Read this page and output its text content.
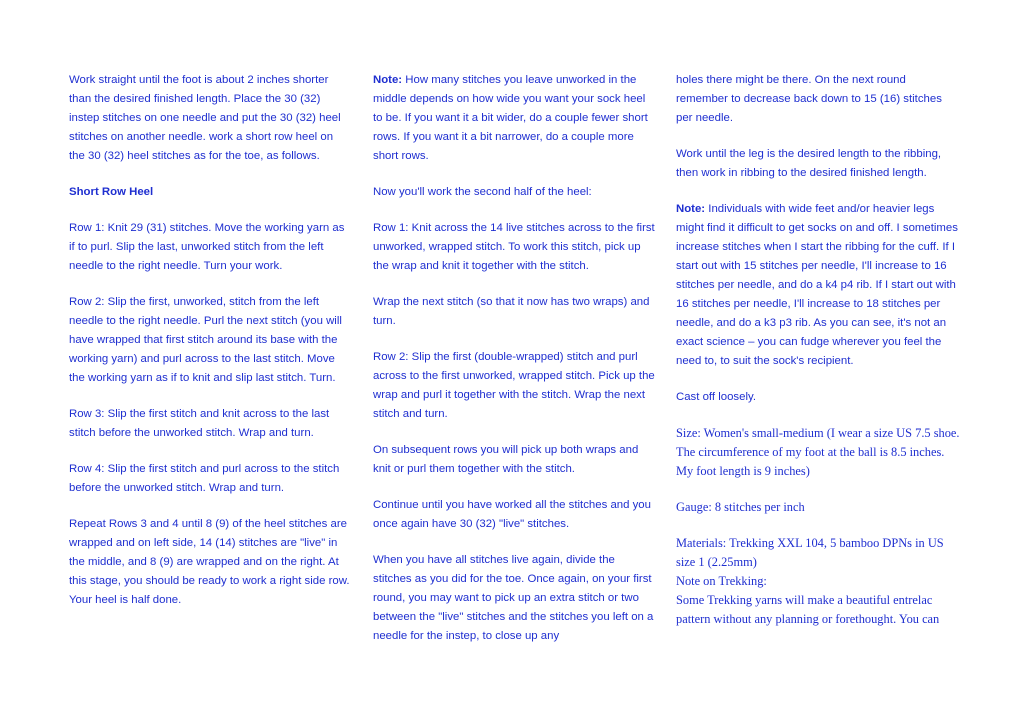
Work straight until the foot is about 2 inches shorter than the desired finished length. Place the 30 (32) instep stitches on one needle and put the 30 (32) heel stitches on another needle. work a short row heel on the 30 (32) heel stitches as for the toe, as follows.

Short Row Heel

Row 1: Knit 29 (31) stitches. Move the working yarn as if to purl. Slip the last, unworked stitch from the left needle to the right needle. Turn your work.

Row 2: Slip the first, unworked, stitch from the left needle to the right needle. Purl the next stitch (you will have wrapped that first stitch around its base with the working yarn) and purl across to the last stitch. Move the working yarn as if to knit and slip last stitch. Turn.

Row 3: Slip the first stitch and knit across to the last stitch before the unworked stitch. Wrap and turn.

Row 4: Slip the first stitch and purl across to the stitch before the unworked stitch. Wrap and turn.

Repeat Rows 3 and 4 until 8 (9) of the heel stitches are wrapped and on left side, 14 (14) stitches are "live" in the middle, and 8 (9) are wrapped and on the right. At this stage, you should be ready to work a right side row. Your heel is half done.

Note: How many stitches you leave unworked in the middle depends on how wide you want your sock heel to be. If you want it a bit wider, do a couple fewer short rows. If you want it a bit narrower, do a couple more short rows.

Now you'll work the second half of the heel:

Row 1: Knit across the 14 live stitches across to the first unworked, wrapped stitch. To work this stitch, pick up the wrap and knit it together with the stitch.

Wrap the next stitch (so that it now has two wraps) and turn.

Row 2: Slip the first (double-wrapped) stitch and purl across to the first unworked, wrapped stitch. Pick up the wrap and purl it together with the stitch. Wrap the next stitch and turn.

On subsequent rows you will pick up both wraps and knit or purl them together with the stitch.

Continue until you have worked all the stitches and you once again have 30 (32) "live" stitches.

When you have all stitches live again, divide the stitches as you did for the toe. Once again, on your first round, you may want to pick up an extra stitch or two between the "live" stitches and the stitches you left on a needle for the instep, to close up any

holes there might be there. On the next round remember to decrease back down to 15 (16) stitches per needle.

Work until the leg is the desired length to the ribbing, then work in ribbing to the desired finished length.

Note: Individuals with wide feet and/or heavier legs might find it difficult to get socks on and off. I sometimes increase stitches when I start the ribbing for the cuff. If I start out with 15 stitches per needle, I'll increase to 16 stitches per needle, and do a k4 p4 rib. If I start out with 16 stitches per needle, I'll increase to 18 stitches per needle, and do a k3 p3 rib. As you can see, it's not an exact science – you can fudge wherever you feel the need to, to suit the sock's recipient.

Cast off loosely.

Size: Women's small-medium (I wear a size US 7.5 shoe. The circumference of my foot at the ball is 8.5 inches. My foot length is 9 inches)

Gauge: 8 stitches per inch

Materials: Trekking XXL 104, 5 bamboo DPNs in US size 1 (2.25mm)

Note on Trekking:

Some Trekking yarns will make a beautiful entrelac pattern without any planning or forethought. You can
